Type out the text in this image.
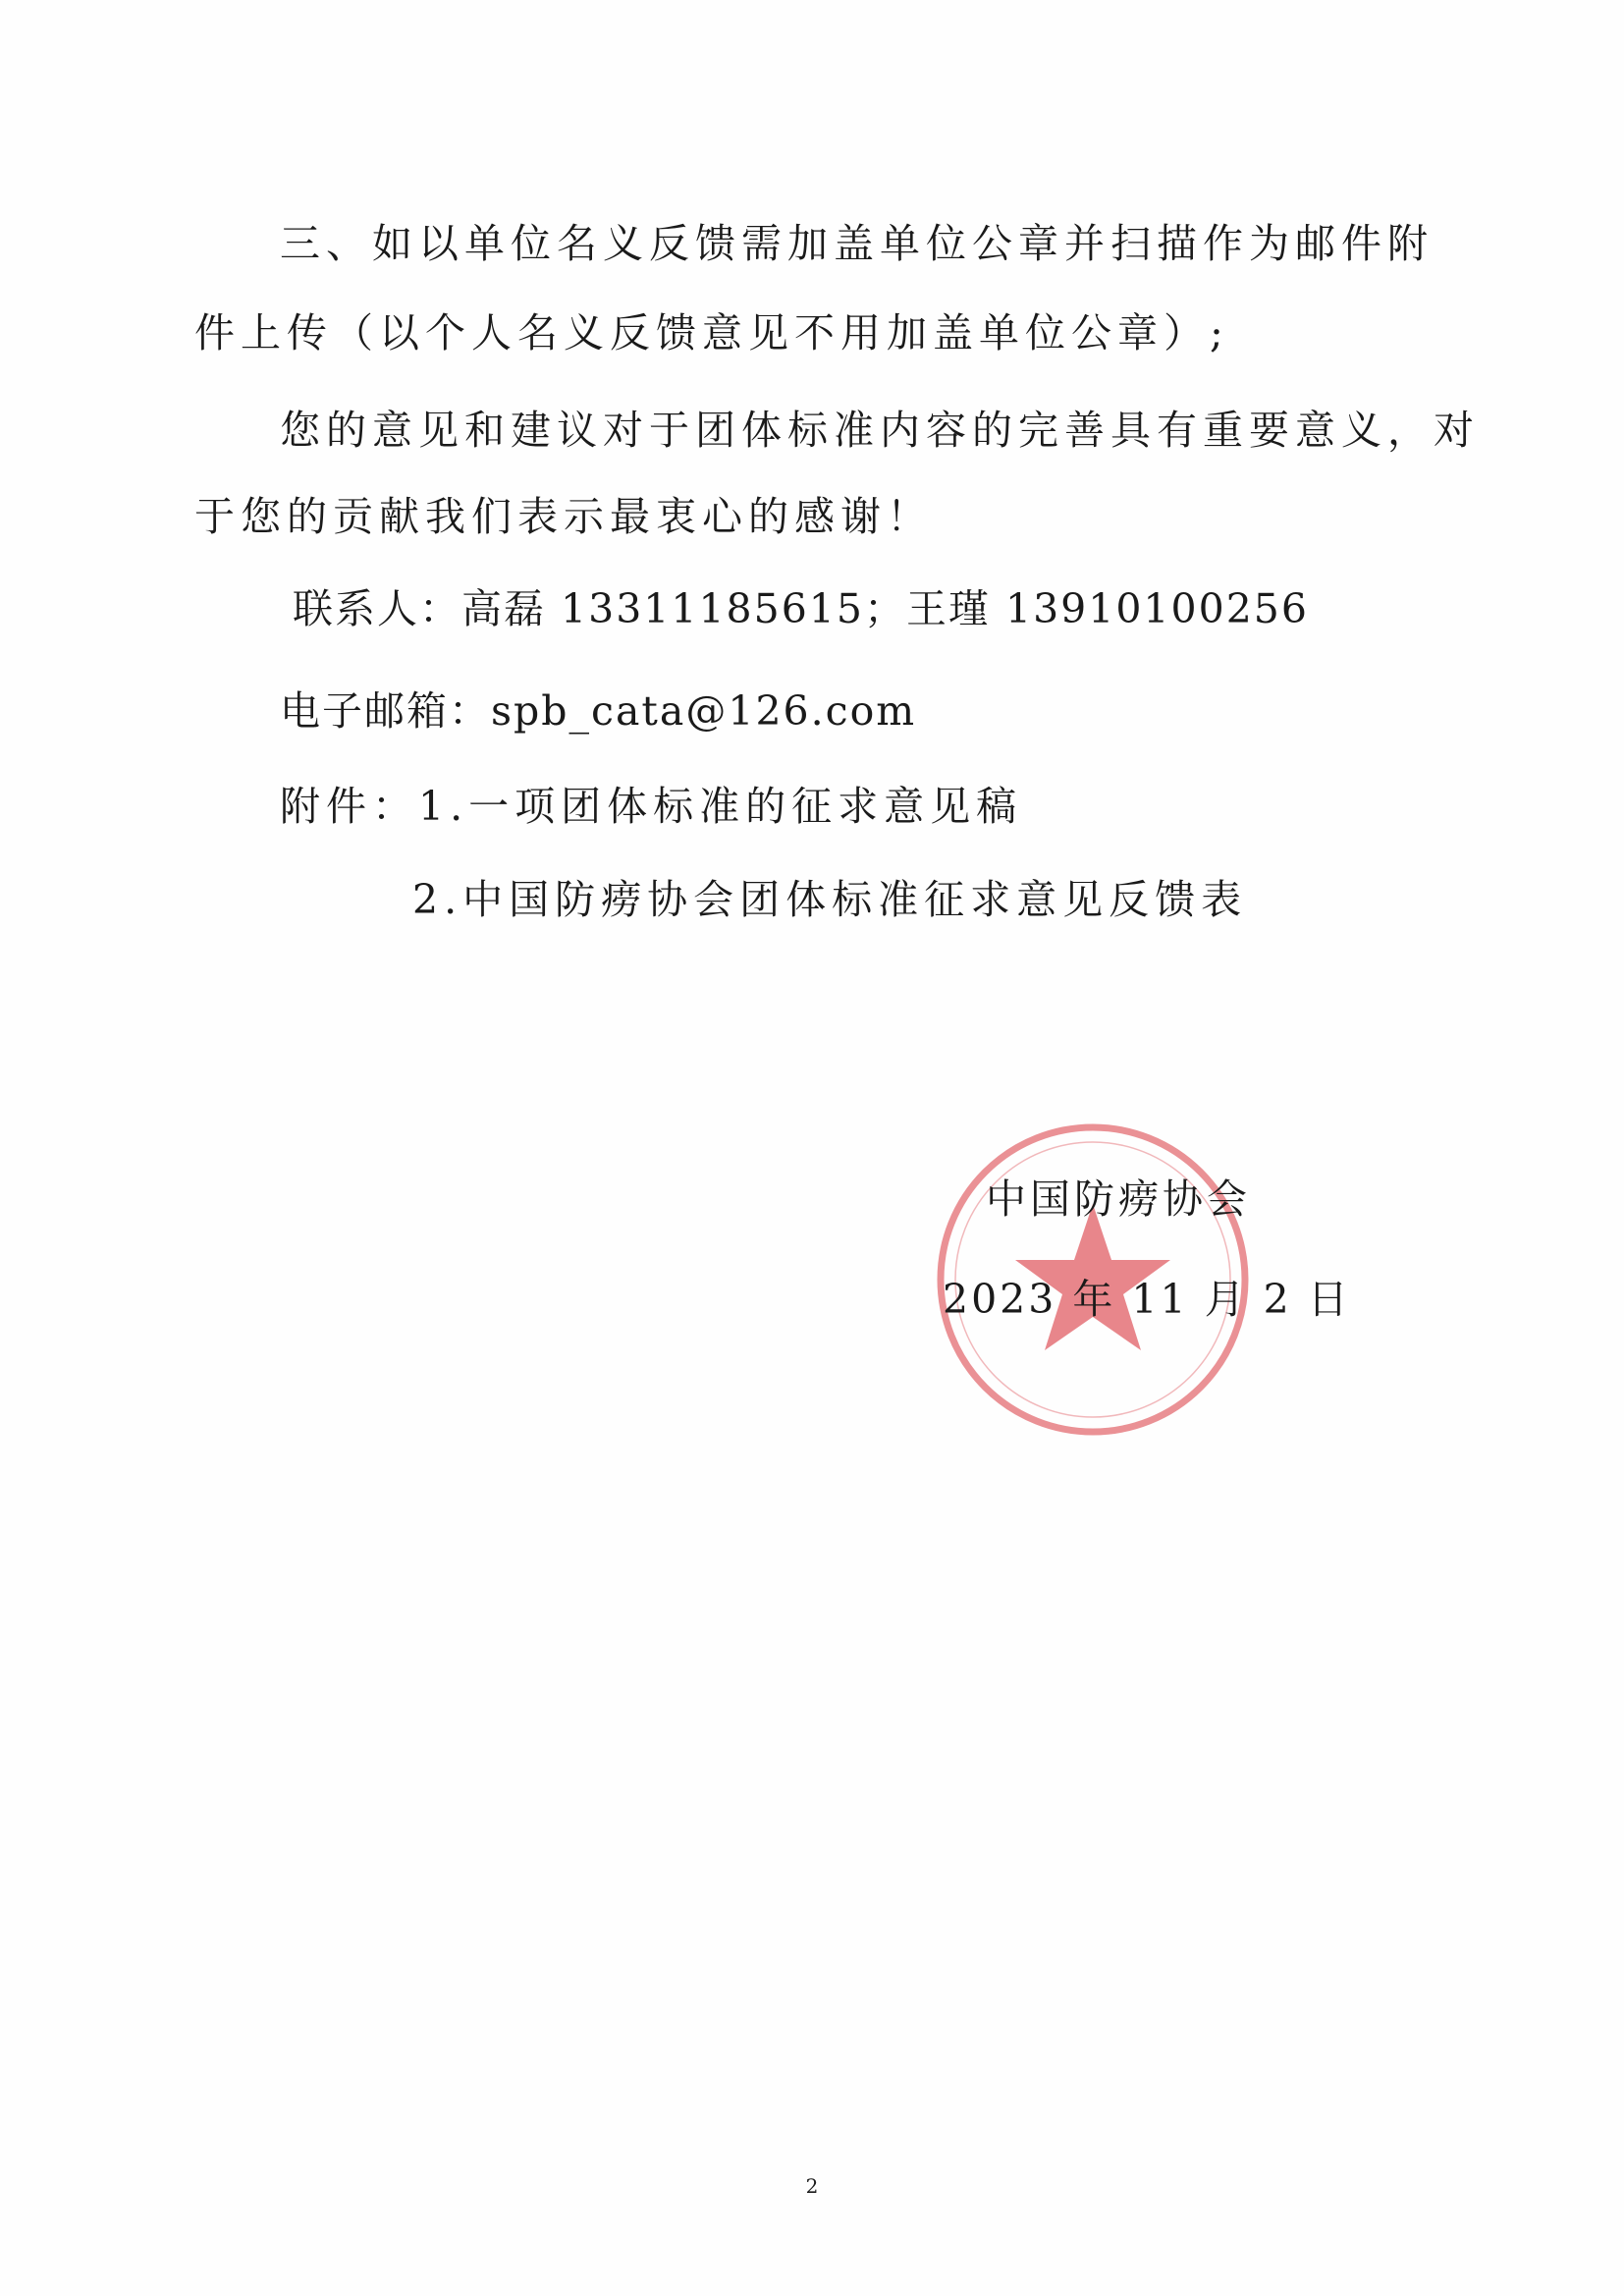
三、如以单位名义反馈需加盖单位公章并扫描作为邮件附
件上传（以个人名义反馈意见不用加盖单位公章）;
您的意见和建议对于团体标准内容的完善具有重要意义，对
于您的贡献我们表示最衷心的感谢！
联系人：高磊 13311185615；王瑾 13910100256
电子邮箱：spb_cata@126.com
附件：1.一项团体标准的征求意见稿
2.中国防痨协会团体标准征求意见反馈表
中国防痨协会
2023 年 11 月 2 日
2
